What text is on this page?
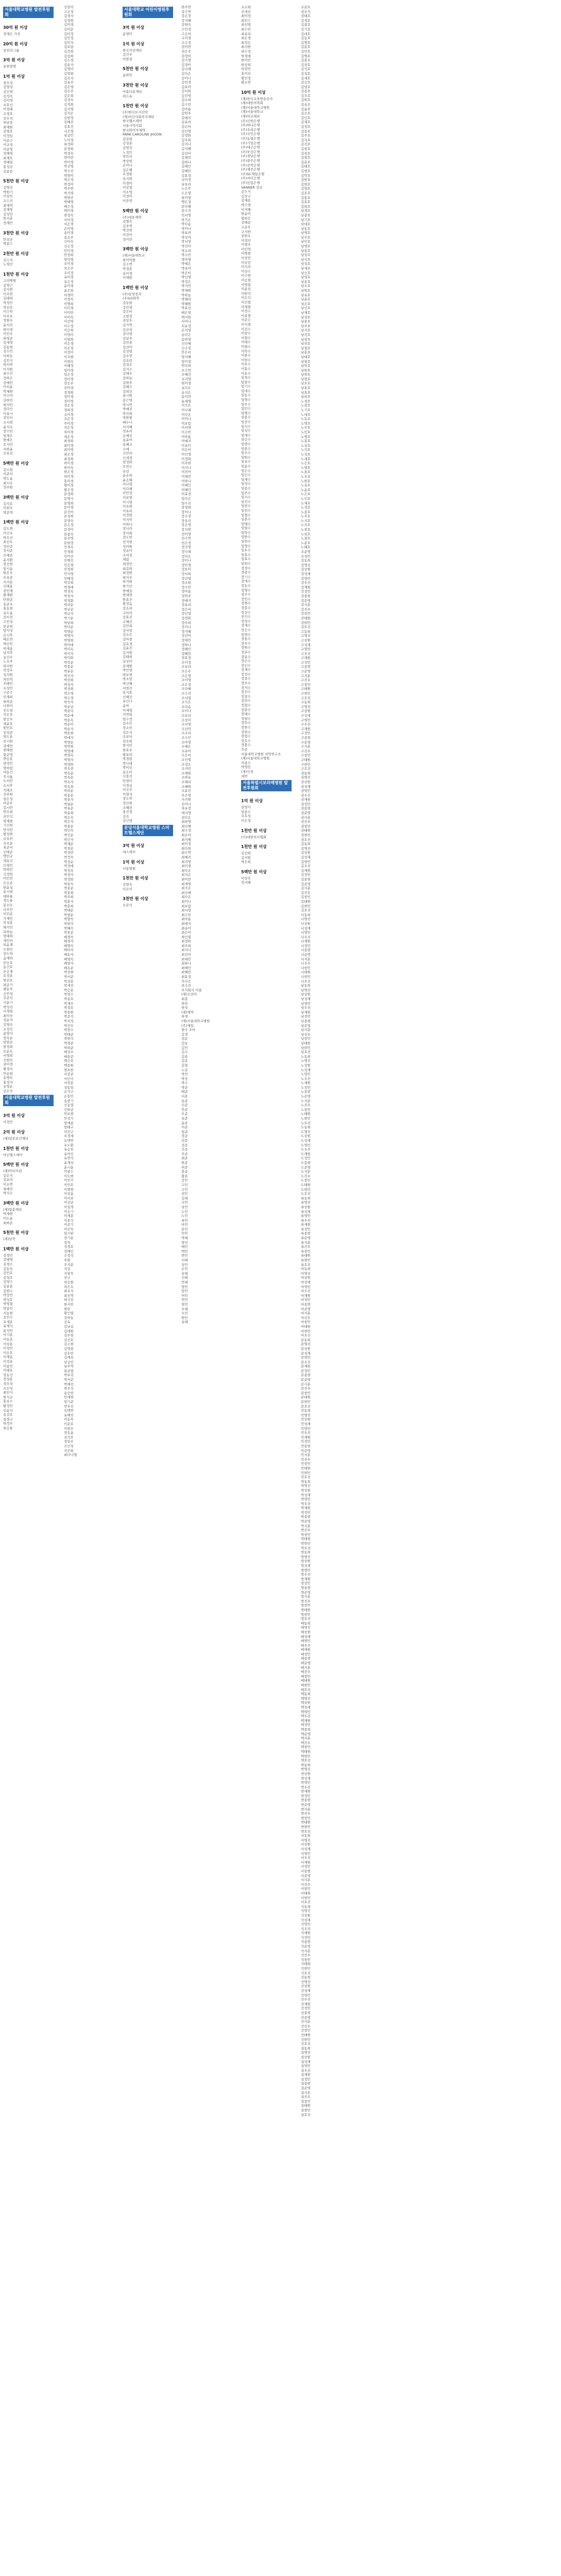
서울대학교병원 발전후원회
30억 원 이상
정재은 가족
20억 원 이상
삼천리그룹
3억 원 이상
유한양행
1억 원 이상
권우성
김명성
김승현
김정욱
김미영
서호인
이정태
조경호
전우석
허남중
최재원
김영호
이정일
이준구
이규성
이준영
정해영
최재호
정예림
홍성진
김종문
5천만 원 이상
김명진
박원기
이상민
조수진
최재혁
김재영
김성민
한지훈
정재민
3천만 원 이상
안상균
박종수
2천만 원 이상
김수지
노영선
1천만 원 이상
고려병원
김영근
김지현
이주연
김태희
박정민
박진호
이수연
이주호
정현우
윤서진
한미경
이민우
최영준
김세영
김동현
정수민
이하늘
김민지
박서연
이지원
최수진
정하은
김예린
이서윤
박채원
이수아
김하린
최지안
정다인
이유나
강민서
조서현
윤지우
장수빈
임채은
한예은
오지민
서하윤
신유진
5백만 원 이상
김수현
이준서
박도윤
최시우
정주원
3백만 원 이상
김지호
이현우
박준혁
1백만 원 이상
김도현
이건우
박우진
최선우
정민준
강서준
조예준
윤지환
장승현
임시윤
한은우
오유준
서지훈
신태윤
권민재
황재원
안현준
송준우
홍동현
유도윤
전서진
고민성
문준희
양지성
손시후
배은찬
백승민
허재윤
남지후
심건우
노우주
하지한
곽정우
성지원
차민혁
주태민
우성민
구준수
민재희
류하준
나현서
진도현
지은호
엄승우
채윤호
원민호
천성준
방도훈
공시원
강예찬
현태현
함준영
변승훈
염정민
양하람
여동건
추지율
도이안
소서후
석태오
선주원
설은성
마준호
길시안
연우현
표민석
명재현
기건희
반지안
왕성현
금유찬
옥로운
육준서
인태준
맹민규
제유건
모영민
탁하민
국정현
어민찬
은승준
편윤성
용시현
예하율
경도율
봉진우
사주안
부민준
가재민
복성훈
태지민
목하늘
형태희
계민찬
피윤재
두현민
감도하
음재하
빈승호
동건호
온승재
호정훈
범선호
좌준기
팽동욱
승민성
간준석
시윤기
박성진
이경희
최미숙
정순자
강영숙
조정숙
윤영자
장옥순
임말순
한정희
오순옥
서영희
신현숙
권미경
황경숙
안순희
송명숙
홍정자
유영순
전은숙
서울대학교병원 발전후원회
3억 원 이상
이정민
2억 원 이상
(재)일본보건재단
1천만 원 이상
아인헬스케어
5백만 원 이상
(재)닥터카핀
김은지
김보라
이소연
최예진
박지수
3백만 원 이상
(재)함춘재단
박재현
이도윤
최하준
5천만 원 이상
(재)남북
1백만 원 이상
강경민
강태영
김경수
김동욱
김민호
김성호
김영수
김종훈
김현수
박상민
박성호
박영철
박종민
서동현
송민수
오세훈
유재석
윤석민
이기훈
이동훈
이상훈
이성민
이승호
이재훈
이정훈
이종민
이태호
장동건
정성훈
정우성
조인성
최민식
한석규
홍상수
황정민
김윤석
송강호
설경구
하정우
류승룡
강창덕
고은정
김경자
김경희
김미경
김미순
김미정
김민정
김민지
김보람
김선희
김성희
김수정
김순자
김영미
김영희
김옥자
김유진
김은영
김은주
김은희
김정숙
김정희
김지영
김지은
김현정
김혜진
김효진
나은영
남궁민
노미정
류정화
문경희
박경숙
박미란
박미영
박선영
박수진
박영미
박은정
박정아
박주연
박지영
박현주
박혜영
배수정
백미경
변정숙
서미정
서은경
손미영
송미경
송은주
신미숙
신은정
안미경
안정희
양미영
오미경
오은주
우미정
유미경
유은정
윤미경
윤은희
이경미
이경숙
이명희
이미경
이미란
이미숙
이선영
이수정
이승희
이영미
이영희
이은경
이은정
이정미
이지현
이현숙
이혜정
임미경
임은정
장미경
장은주
전미경
정경희
정미경
정미영
정은정
정희정
조미경
조은정
주미경
지은정
차미경
채은정
최경희
최미경
최미영
최은정
최정희
하미경
한미숙
한은정
허미경
홍미경
황미경
황은정
문정희
문명식
문명희
문미경
문선아
문성희
문영숙
문은정
문정미
문종숙
문진영
문현정
민경옥
민경희
민미선
민병숙
민은영
민정희
민지영
민혜정
박강희
박경애
박경옥
박경자
박경화
박귀순
박금순
박금자
박기순
박남희
박덕순
박명순
박명자
박명희
박미애
박미옥
박미자
박미화
박복순
박봉순
박분순
박선자
박선희
박성자
박성희
박소영
박수경
박숙자
박순남
박순덕
박순애
박순옥
박순이
박순자
박순희
박애자
박양순
박연희
박영애
박영옥
박영자
박영화
박옥련
박옥분
박옥순
박옥자
박옥희
박외순
박용순
박용자
박월순
박유순
박윤희
박은숙
박은자
박을순
박인숙
박인순
박인자
박재순
박점순
박정란
박정숙
박정순
박정애
박정옥
박정자
박정화
박종숙
박종순
박종희
박주희
박춘자
박춘희
박태순
박필순
박향숙
박현자
박혜숙
박효순
배경숙
배경자
배명숙
배미자
배순자
배영숙
배영자
배옥순
박상현
박서준
박성훈
박세진
박승훈
박영수
박용호
박재우
박정호
박종원
박준석
박지성
박진우
박창수
박태준
박현석
박형준
박희준
배성우
배용준
백승호
백종원
변요한
서강준
서인국
서장훈
성동일
손석구
손흥민
송중기
신동엽
신하균
안보현
안성기
양세종
엄태구
여진구
오정세
옥택연
우도환
유승호
유아인
유연석
윤계상
윤시윤
이광수
이도현
이민기
이민호
이병헌
이상윤
이서진
이선균
이성경
이승기
이제훈
이종석
이준기
이진욱
임시완
장기용
장혁
정경호
정해인
조정석
주원
주지훈
지성
지창욱
진구
차승원
차은우
최우식
최진혁
하석진
한지민
현빈
황인엽
강하늘
공유
김남길
김래원
김무열
김선호
김수현
김영광
김우빈
김재욱
남궁민
남주혁
류준열
박보검
박서준
박해진
변우석
송승헌
안재현
엄기준
연우진
옥택연
유해진
이동욱
이준호
이현우
장동윤
전석호
정일우
조인성
지진희
최다니엘
서울대학교 어린이병원후원회
3억 원 이상
윤영미
1억 원 이상
한국자선재단
김건우
이한결
5천만 원 이상
윤하린
3천만 원 이상
아름다운재단
위드유
1천만 원 이상
(주)한국토지신탁
(재)아산사회복지재단
한국헬스케어
서울시약사회
한국화이자제약
PARK CAROLINE JHOON
김상희
김성훈
김영진
노정민
박민서
박상현
손미나
심은혜
오정환
유지현
이경아
이상철
이소영
이정미
이주연
5백만 원 이상
(주)대웅제약
김명숙
김주연
박선희
이진아
정미란
3백만 원 이상
(재)서울대학교
한미약품
김수연
박정훈
송미경
이채원
1백만 원 이상
(주)삼성전자
(주)LG화학
강동원
강민경
강은비
고현정
권상우
김가연
김규리
김나영
김남주
김민종
김선아
김성령
김소연
김옥빈
김정은
김지수
김태우
김하늘
김현주
김혜수
김희선
류시원
문근영
박시연
박예진
박진희
박한별
배두나
서지혜
성유리
손예진
송윤아
송혜교
수애
신민아
신세경
엄정화
오연수
유선
윤손하
윤은혜
이나영
이다해
이민정
이보영
이시영
이요원
이유리
이정현
이지아
이하나
장나라
장서희
전도연
전지현
정려원
정유미
조여정
채림
채정안
최강희
최정원
최지우
하지원
한가인
한예슬
한채영
한효주
황정음
강소라
고아라
공효진
구혜선
김민희
김사랑
김소은
김아중
김유정
김윤진
김지원
김태희
남상미
문채원
박민영
박보영
박소담
박신혜
서현진
송지효
신혜선
유인나
윤아
이세영
이연희
임수정
전소민
정소민
정은지
조보아
천우희
한지민
한효주
황보라
박경림
박나래
박미선
송은이
신봉선
안영미
이경실
이국주
이영자
장도연
정선희
조혜련
홍진경
김숙
김신영
분당서울대학교병원 스마트헬스재단
3억 원 이상
에스케이
1억 원 이상
서울병원
1천만 원 이상
김현숙
이은미
3천만 원 이상
오준석
한주연
강수연
강은정
강지혜
강현숙
고민정
고은비
구미경
구수정
권미란
권은주
권정아
김가영
김경아
김나래
김다은
김미나
김민경
김보미
김서희
김선영
김소희
김수빈
김아름
김연주
김예지
김유리
김은비
김인영
김정화
김주희
김지나
김지혜
김진아
김채린
김하나
김해인
김혜린
김효정
나미정
남보라
노은주
도은영
류미영
맹은정
문다혜
문수진
민서영
박가은
박다솜
박미나
박보라
박상미
박서영
박선미
박소라
박수민
박아영
박예은
박유미
박은비
박인영
박정은
박지민
박채원
박하늘
박해리
박혜원
박효진
배은영
백지원
서미나
서유정
손지영
송다은
송하영
신다혜
신수정
안은비
양지혜
엄미정
연다희
오수연
오혜진
우지영
원미경
유다은
유지은
윤미란
윤세영
이가은
이나래
이다은
이미나
이보람
이서영
이수빈
이아름
이예지
이유미
이은비
이인영
이정화
이주희
이지나
이진아
이채린
이하나
이해인
이혜린
이효정
임다은
임수진
장경희
장미나
장수정
장유진
장은영
장지현
전미영
전수연
전은정
정가영
정나래
정다은
정미나
정민경
정보미
정서희
정선영
정소희
정수빈
정아름
정연주
정예지
정유리
정은비
정인영
정정화
정주희
정지나
정지혜
정진아
정채린
정하나
정해인
정혜린
정효정
조미정
조보라
조은주
조은영
조미영
조은정
조다혜
조수진
조서영
조가은
조다솜
조미나
조보라
조상미
조서영
조선미
조소라
조수민
조아영
조예은
조유미
조은비
조인영
조정은
조지민
조채원
조하늘
조해리
조혜원
조효진
주은영
지지원
진미나
차유정
채지영
천다은
최하영
최다혜
최수정
최은비
최지혜
최미정
최다희
최수연
최혜진
최지영
최미경
최다은
최지은
최미란
최세영
최가은
최나래
최다은
최미나
최보람
최서영
최수빈
최아름
최예지
최유미
최은비
최인영
최정화
최주희
최지나
최진아
최채린
최하나
최해인
최혜린
최효정
추다은
표수진
주식회사 서울
(재)신선아
최종
하얀
한성
(재)제약
하경
(재)서울대학교병원
(주)제일
한국 조아
강경
권준
김동
김민
김수
김용
김준
김철
노준
박민
박상
박수
박준
배준
서준
송준
신준
안준
오준
유준
윤준
이준
임준
장준
전준
정준
조준
주준
최준
한준
허준
홍준
황준
강민
고민
구민
권민
김태
나민
남민
노민
도민
류민
마민
문민
민민
박태
방민
배민
백민
변민
서태
성민
손민
송태
신태
안태
양민
엄민
여민
연민
염민
오태
우민
원민
유태
조소희
진세진
최미정
최민수
최선영
최수민
최유리
최은경
최정은
최지현
하수정
한경애
한미란
한상희
허정민
홍미진
황민정
황소연
10억 원 이상
(재)한국교육방송공사
(재)대한의학회
(재)서울대학교병원
(재)서울대학교
(재)아산재단
(주)신한은행
(주)하나은행
(주)우리은행
(주)국민은행
(주)농협은행
(주)기업은행
(주)대구은행
(주)부산은행
(주)경남은행
(주)광주은행
(주)전북은행
(주)제주은행
(주)SC제일은행
(주)씨티은행
(주)산업은행
VANNER 정공
김두식
김상구
김재용
박수영
이지혜
한윤미
황하은
강태준
고준호
구지한
권현우
이경진
이명주
이민혁
이병철
이상민
이상진
이석진
이성수
이수현
이승철
이영철
이용진
이원석
이은석
이인철
이재철
이정수
이종철
이준수
이지철
이진수
이창수
이철수
이태수
이필수
이학수
이한수
이현수
이호수
이홍수
이효수
임경수
임광수
임기수
임대수
임동수
임명수
임무수
임민수
임병수
임봉수
임상수
임석수
임성수
임세수
임승수
임영수
임용수
임우수
임원수
임유수
임윤수
임은수
임인수
임재수
임정수
임종수
임주수
임지수
임진수
임창수
임천수
임철수
임춘수
임태수
임필수
임학수
임한수
임현수
임형수
임호수
임홍수
임효수
임희수
장경수
장광수
장기수
장대수
장동수
장명수
장무수
장민수
장병수
장봉수
장상수
장석수
장성수
장세수
장승수
장영수
장용수
장우수
장원수
장유수
장윤수
장은수
장인수
장재수
장정수
장종수
장주수
장지수
장진수
장창수
장천수
장철수
장춘수
장태수
장필수
장학수
장한수
장현수
장형수
장호수
장홍수
추준
서울대학교병원 의학연구소
(재)서울대학교병원
이종수
박영민
(재)인천
세연
서울특별시보라매병원 발전후원회
1억 원 이상
삼양사
임종수
오호성
이은경
1천만 원 이상
(사)대한의사협회
1천만 원 이상
김선희
김지원
박은희
5백만 원 이상
이상숙
정지혜
조준호
권오석
권태호
김경호
김광호
김기호
김대호
김동호
김명호
김문호
김민호
김병호
김봉호
김상호
김석호
김성호
김세호
김승호
김영호
김용호
김우호
김원호
김유호
김윤호
김은호
김인호
김재호
김정호
김종호
김주호
김지호
김진호
김창호
김천호
김철호
김춘호
김태호
김필호
김학호
김한호
김현호
김형호
김호호
김홍호
김효호
김희호
남경호
남광호
남기호
남대호
남동호
남명호
남무호
남민호
남병호
남봉호
남상호
남석호
남성호
남세호
남승호
남영호
남용호
남우호
남원호
남유호
남윤호
남은호
남인호
남재호
남정호
남종호
남주호
남지호
남진호
남창호
남천호
남철호
남춘호
남태호
남필호
남학호
남한호
남현호
남형호
남호호
남홍호
남효호
남희호
노경호
노광호
노기호
노대호
노동호
노명호
노무호
노민호
노병호
노봉호
노상호
노석호
노성호
노세호
노승호
노영호
노용호
노우호
노원호
노유호
노윤호
노은호
노인호
노재호
노정호
노종호
노주호
노지호
노진호
노창호
노천호
노철호
노춘호
노태호
조준영
조성민
강동희
강명진
강상원
강성재
강영민
강우진
강재원
강정민
강종현
강준영
강지훈
강진우
강창민
강태원
강현민
강호진
고동희
고명진
고상원
고성재
고영민
고우진
고재원
고정민
고종현
고준영
고지훈
고진우
고창민
고태원
고현민
고호진
구동희
구명진
구상원
구성재
구영민
구우진
구재원
구정민
구종현
구준영
구지훈
구진우
구창민
구태원
구현민
구호진
권동희
권명진
권상원
권성재
권영민
권우진
권재원
권정민
권종현
권준영
권지훈
권진우
권창민
권태원
권현민
권호진
김동희
김명진
김상원
김성재
김영민
김우진
김재원
김정민
김종현
김준영
김지훈
김진우
김창민
김태원
김현민
김호진
나동희
나명진
나상원
나성재
나영민
나우진
나재원
나정민
나종현
나준영
나지훈
나진우
나창민
나태원
나현민
나호진
남동희
남명진
남상원
남성재
남영민
남우진
남재원
남정민
남종현
남준영
남지훈
남진우
남창민
남태원
남현민
남호진
노동희
노명진
노상원
노성재
노영민
노우진
노재원
노정민
노종현
노준영
노지훈
노진우
노창민
노태원
노현민
노호진
도동희
도명진
도상원
도성재
도영민
도우진
도재원
도정민
도종현
도준영
도지훈
도진우
도창민
도태원
도현민
도호진
류동희
류명진
류상원
류성재
류영민
류우진
류재원
류정민
류종현
류준영
류지훈
류진우
류창민
류태원
류현민
류호진
마동희
마명진
마상원
마성재
마영민
마우진
마재원
마정민
마종현
마준영
마지훈
마진우
마창민
마태원
마현민
마호진
문동희
문명진
문상원
문성재
문영민
문우진
문재원
문정민
문종현
문준영
문지훈
문진우
문창민
문태원
문현민
문호진
민동희
민명진
민상원
민성재
민영민
민우진
민재원
민정민
민종현
민준영
민지훈
민진우
민창민
민태원
민현민
민호진
박동희
박명진
박상원
박성재
박영민
박우진
박재원
박정민
박종현
박준영
박지훈
박진우
박창민
박태원
박현민
박호진
방동희
방명진
방상원
방성재
방영민
방우진
방재원
방정민
방종현
방준영
방지훈
방진우
방창민
방태원
방현민
방호진
배동희
배명진
배상원
배성재
배영민
배우진
배재원
배정민
배종현
배준영
배지훈
배진우
배창민
배태원
배현민
배호진
백동희
백명진
백상원
백성재
백영민
백우진
백재원
백정민
백종현
백준영
백지훈
백진우
백창민
백태원
백현민
백호진
변동희
변명진
변상원
변성재
변영민
변우진
변재원
변정민
변종현
변준영
변지훈
변진우
변창민
변태원
변현민
변호진
서동희
서명진
서상원
서성재
서영민
서우진
서재원
서정민
서종현
서준영
서지훈
서진우
서창민
서태원
서현민
서호진
석동희
석명진
석상원
석성재
석영민
석우진
석재원
석정민
석종현
석준영
석지훈
석진우
석창민
석태원
석현민
석호진
선동희
선명진
선상원
선성재
선영민
선우진
선재원
선정민
선종현
선준영
선지훈
선진우
선창민
선태원
선현민
선호진
설동희
설명진
설상원
설성재
설영민
설우진
설재원
설정민
설종현
설준영
설지훈
설진우
설창민
설태원
설현민
설호진
